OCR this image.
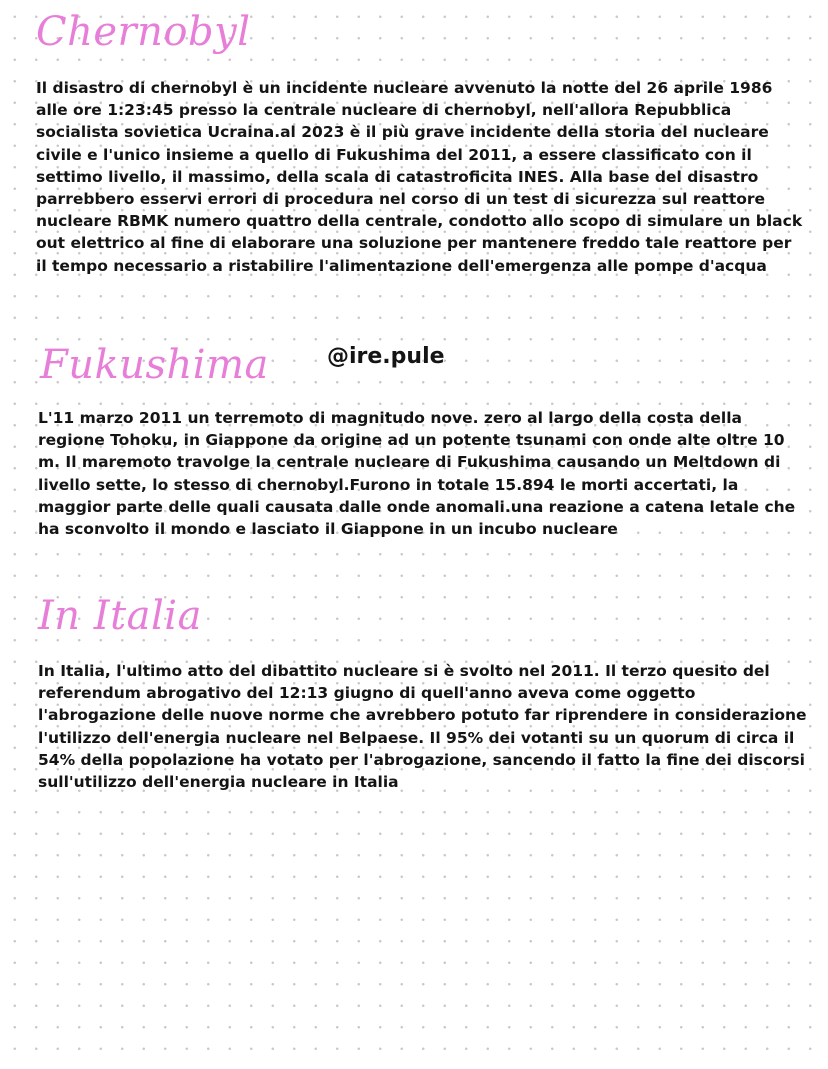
Chernobyl

Il disastro di chernobyl è un incidente nucleare avvenuto la notte del 26 aprile 1986 alle ore 1:23:45 presso la centrale nucleare di chernobyl, nell'allora Repubblica socialista sovietica Ucraina.al 2023 è il più grave incidente della storia del nucleare civile e l'unico insieme a quello di Fukushima del 2011, a essere classificato con il settimo livello, il massimo, della scala di catastroficita INES. Alla base del disastro parrebbero esservi errori di procedura nel corso di un test di sicurezza sul reattore nucleare RBMK numero quattro della centrale, condotto allo scopo di simulare un black out elettrico al fine di elaborare una soluzione per mantenere freddo tale reattore per il tempo necessario a ristabilire l'alimentazione dell'emergenza alle pompe d'acqua

Fukushima	@ire.pule

L'11 marzo 2011 un terremoto di magnitudo nove. zero al largo della costa della regione Tohoku, in Giappone da origine ad un potente tsunami con onde alte oltre 10 m. Il maremoto travolge la centrale nucleare di Fukushima causando un Meltdown di livello sette, lo stesso di chernobyl.Furono in totale 15.894 le morti accertati, la maggior parte delle quali causata dalle onde anomali.una reazione a catena letale che ha sconvolto il mondo e lasciato il Giappone in un incubo nucleare

In Italia

In Italia, l'ultimo atto del dibattito nucleare si è svolto nel 2011. Il terzo quesito del referendum abrogativo del 12:13 giugno di quell'anno aveva come oggetto l'abrogazione delle nuove norme che avrebbero potuto far riprendere in considerazione l'utilizzo dell'energia nucleare nel Belpaese. Il 95% dei votanti su un quorum di circa il 54% della popolazione ha votato per l'abrogazione, sancendo il fatto la fine dei discorsi sull'utilizzo dell'energia nucleare in Italia
